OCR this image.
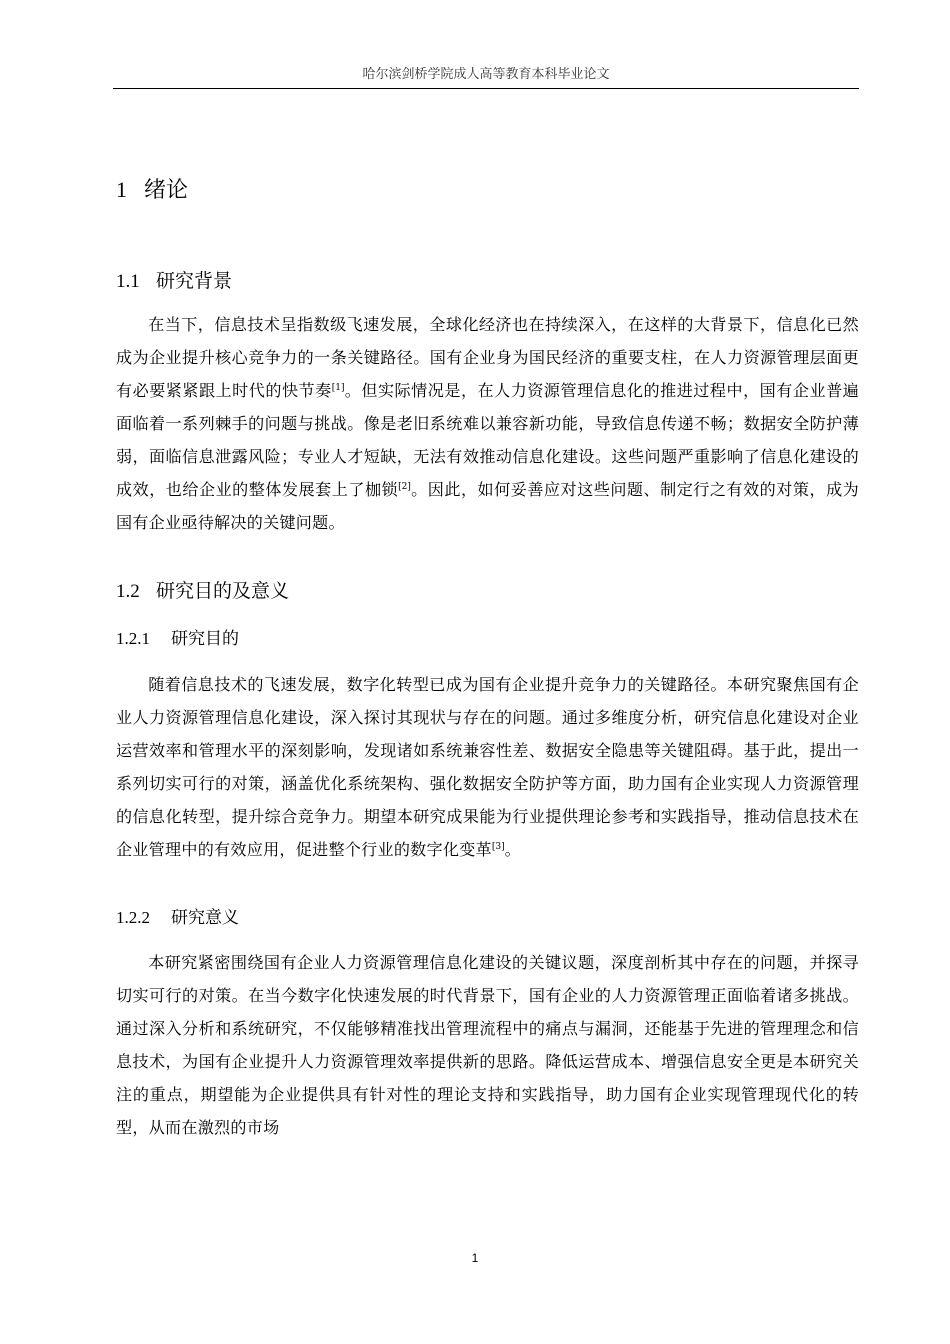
哈尔滨剑桥学院成人高等教育本科毕业论文
1 绪论
1.1 研究背景

在当下，信息技术呈指数级飞速发展，全球化经济也在持续深入，在这样的大背景下，信息化已然成为企业提升核心竞争力的一条关键路径。国有企业身为国民经济的重要支柱，在人力资源管理层面更有必要紧紧跟上时代的快节奏[1]。但实际情况是，在人力资源管理信息化的推进过程中，国有企业普遍面临着一系列棘手的问题与挑战。像是老旧系统难以兼容新功能，导致信息传递不畅；数据安全防护薄弱，面临信息泄露风险；专业人才短缺，无法有效推动信息化建设。这些问题严重影响了信息化建设的成效，也给企业的整体发展套上了枷锁[2]。因此，如何妥善应对这些问题、制定行之有效的对策，成为国有企业亟待解决的关键问题。

1.2 研究目的及意义
1.2.1 研究目的

随着信息技术的飞速发展，数字化转型已成为国有企业提升竞争力的关键路径。本研究聚焦国有企业人力资源管理信息化建设，深入探讨其现状与存在的问题。通过多维度分析，研究信息化建设对企业运营效率和管理水平的深刻影响，发现诸如系统兼容性差、数据安全隐患等关键阻碍。基于此，提出一系列切实可行的对策，涵盖优化系统架构、强化数据安全防护等方面，助力国有企业实现人力资源管理的信息化转型，提升综合竞争力。期望本研究成果能为行业提供理论参考和实践指导，推动信息技术在企业管理中的有效应用，促进整个行业的数字化变革[3]。

1.2.2 研究意义

本研究紧密围绕国有企业人力资源管理信息化建设的关键议题，深度剖析其中存在的问题，并探寻切实可行的对策。在当今数字化快速发展的时代背景下，国有企业的人力资源管理正面临着诸多挑战。通过深入分析和系统研究，不仅能够精准找出管理流程中的痛点与漏洞，还能基于先进的管理理念和信息技术，为国有企业提升人力资源管理效率提供新的思路。降低运营成本、增强信息安全更是本研究关注的重点，期望能为企业提供具有针对性的理论支持和实践指导，助力国有企业实现管理现代化的转型，从而在激烈的市场

1
